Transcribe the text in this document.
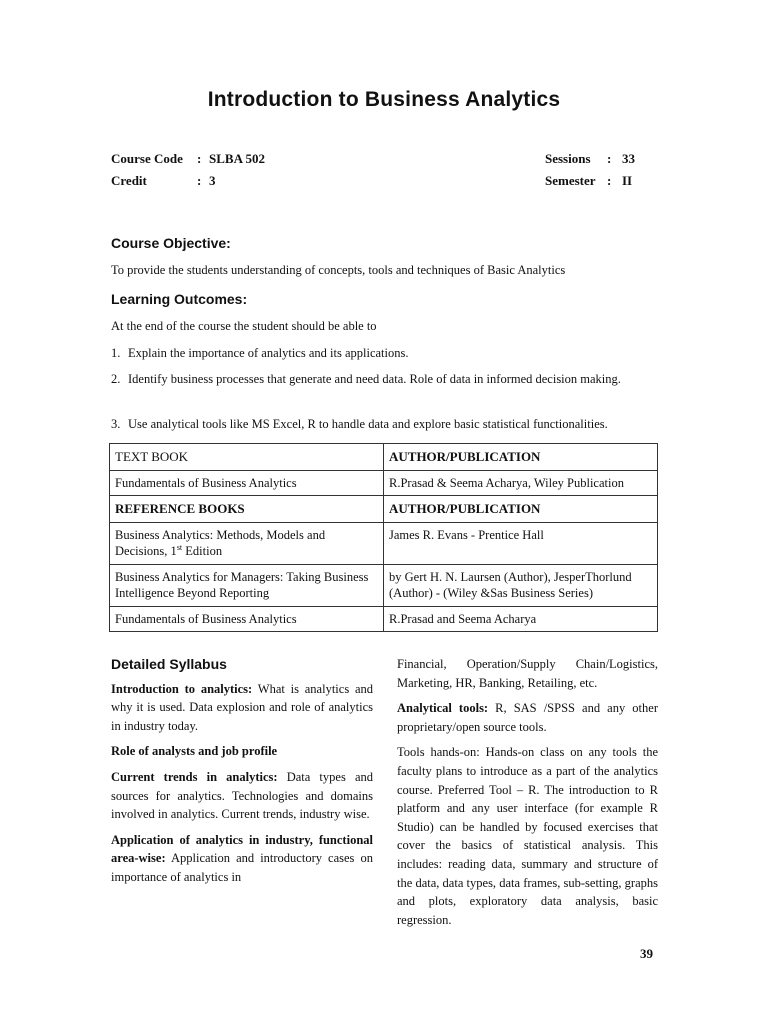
Introduction to Business Analytics
Course Code : SLBA 502
Credit	: 3
Sessions : 33
Semester : II
Course Objective:
To provide the students understanding of concepts, tools and techniques of Basic Analytics
Learning Outcomes:
At the end of the course the student should be able to
1. Explain the importance of analytics and its applications.
2. Identify business processes that generate and need data. Role of data in informed decision making.
3. Use analytical tools like MS Excel, R to handle data and explore basic statistical functionalities.
TEXT BOOK	AUTHOR/PUBLICATION
Fundamentals of Business Analytics	R.Prasad & Seema Acharya, Wiley Publication
REFERENCE BOOKS	AUTHOR/PUBLICATION
Business Analytics: Methods, Models and Decisions, 1st Edition	James R. Evans - Prentice Hall
Business Analytics for Managers: Taking Business Intelligence Beyond Reporting	by Gert H. N. Laursen (Author), JesperThorlund (Author) - (Wiley &Sas Business Series)
Fundamentals of Business Analytics	R.Prasad and Seema Acharya
Detailed Syllabus

Introduction to analytics: What is analytics and why it is used. Data explosion and role of analytics in industry today.

Role of analysts and job profile

Current trends in analytics: Data types and sources for analytics. Technologies and domains involved in analytics. Current trends, industry wise.

Application of analytics in industry, functional area-wise: Application and introductory cases on importance of analytics in

Financial, Operation/Supply Chain/Logistics, Marketing, HR, Banking, Retailing, etc.

Analytical tools: R, SAS /SPSS and any other proprietary/open source tools.

Tools hands-on: Hands-on class on any tools the faculty plans to introduce as a part of the analytics course. Preferred Tool – R. The introduction to R platform and any user interface (for example R Studio) can be handled by focused exercises that cover the basics of statistical analysis. This includes: reading data, summary and structure of the data, data types, data frames, sub-setting, graphs and plots, exploratory data analysis, basic regression.

39
